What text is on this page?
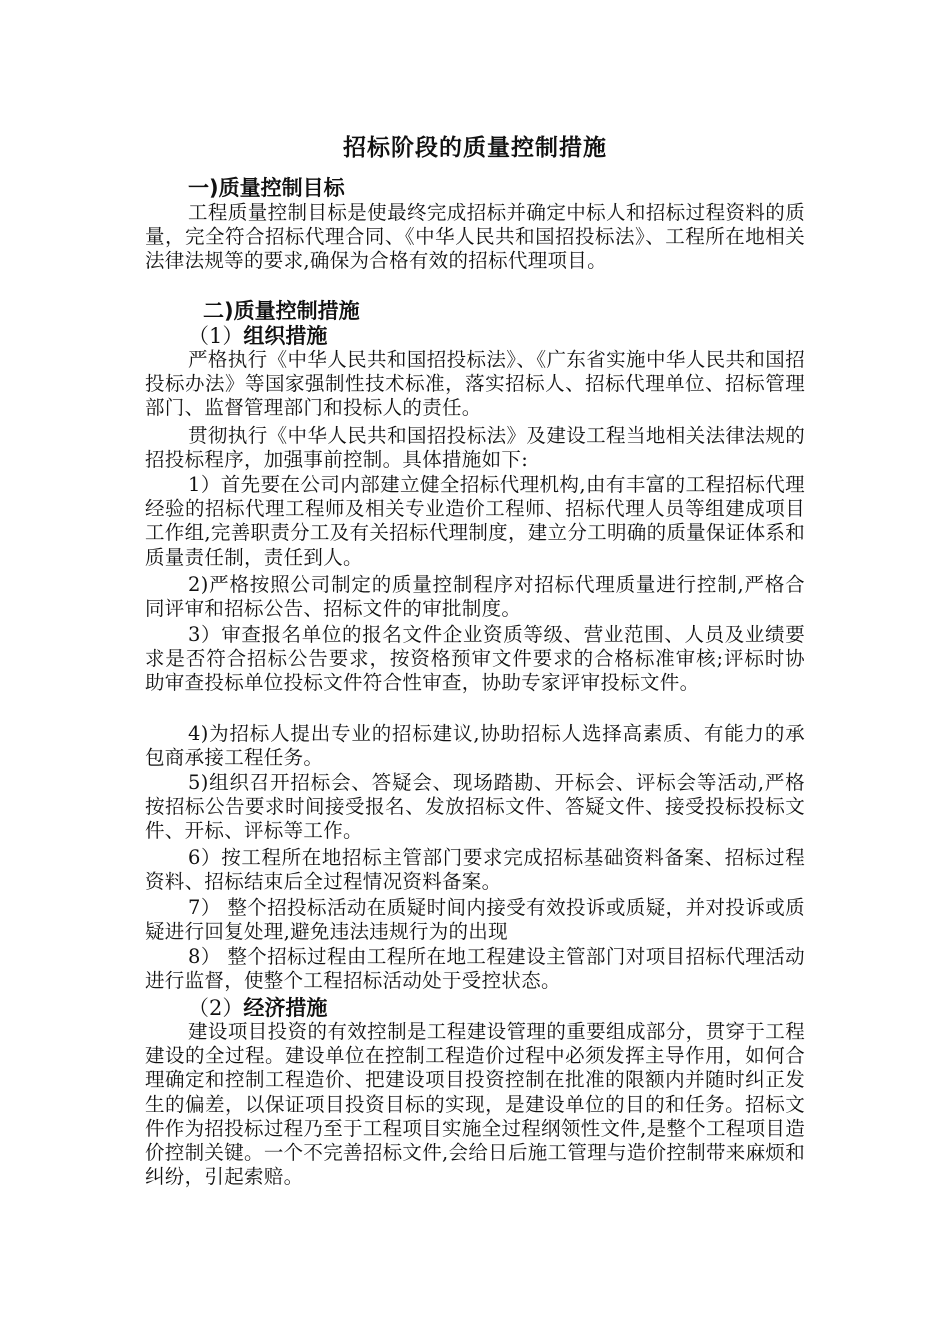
招标阶段的质量控制措施
一)质量控制目标
工程质量控制目标是使最终完成招标并确定中标人和招标过程资料的质量，完全符合招标代理合同、《中华人民共和国招投标法》、工程所在地相关法律法规等的要求,确保为合格有效的招标代理项目。
二)质量控制措施
（1）组织措施
严格执行《中华人民共和国招投标法》、《广东省实施中华人民共和国招投标办法》等国家强制性技术标准，落实招标人、招标代理单位、招标管理部门、监督管理部门和投标人的责任。
贯彻执行《中华人民共和国招投标法》及建设工程当地相关法律法规的招投标程序，加强事前控制。具体措施如下:
1）首先要在公司内部建立健全招标代理机构,由有丰富的工程招标代理经验的招标代理工程师及相关专业造价工程师、招标代理人员等组建成项目工作组,完善职责分工及有关招标代理制度，建立分工明确的质量保证体系和质量责任制，责任到人。
2)严格按照公司制定的质量控制程序对招标代理质量进行控制,严格合同评审和招标公告、招标文件的审批制度。
3）审查报名单位的报名文件企业资质等级、营业范围、人员及业绩要求是否符合招标公告要求，按资格预审文件要求的合格标准审核;评标时协助审查投标单位投标文件符合性审查，协助专家评审投标文件。
4)为招标人提出专业的招标建议,协助招标人选择高素质、有能力的承包商承接工程任务。
5)组织召开招标会、答疑会、现场踏勘、开标会、评标会等活动,严格按招标公告要求时间接受报名、发放招标文件、答疑文件、接受投标投标文件、开标、评标等工作。
6）按工程所在地招标主管部门要求完成招标基础资料备案、招标过程资料、招标结束后全过程情况资料备案。
7） 整个招投标活动在质疑时间内接受有效投诉或质疑，并对投诉或质疑进行回复处理,避免违法违规行为的出现
8） 整个招标过程由工程所在地工程建设主管部门对项目招标代理活动进行监督，使整个工程招标活动处于受控状态。
（2）经济措施
建设项目投资的有效控制是工程建设管理的重要组成部分，贯穿于工程建设的全过程。建设单位在控制工程造价过程中必须发挥主导作用，如何合理确定和控制工程造价、把建设项目投资控制在批准的限额内并随时纠正发生的偏差，以保证项目投资目标的实现，是建设单位的目的和任务。招标文件作为招投标过程乃至于工程项目实施全过程纲领性文件,是整个工程项目造价控制关键。一个不完善招标文件,会给日后施工管理与造价控制带来麻烦和纠纷，引起索赔。
